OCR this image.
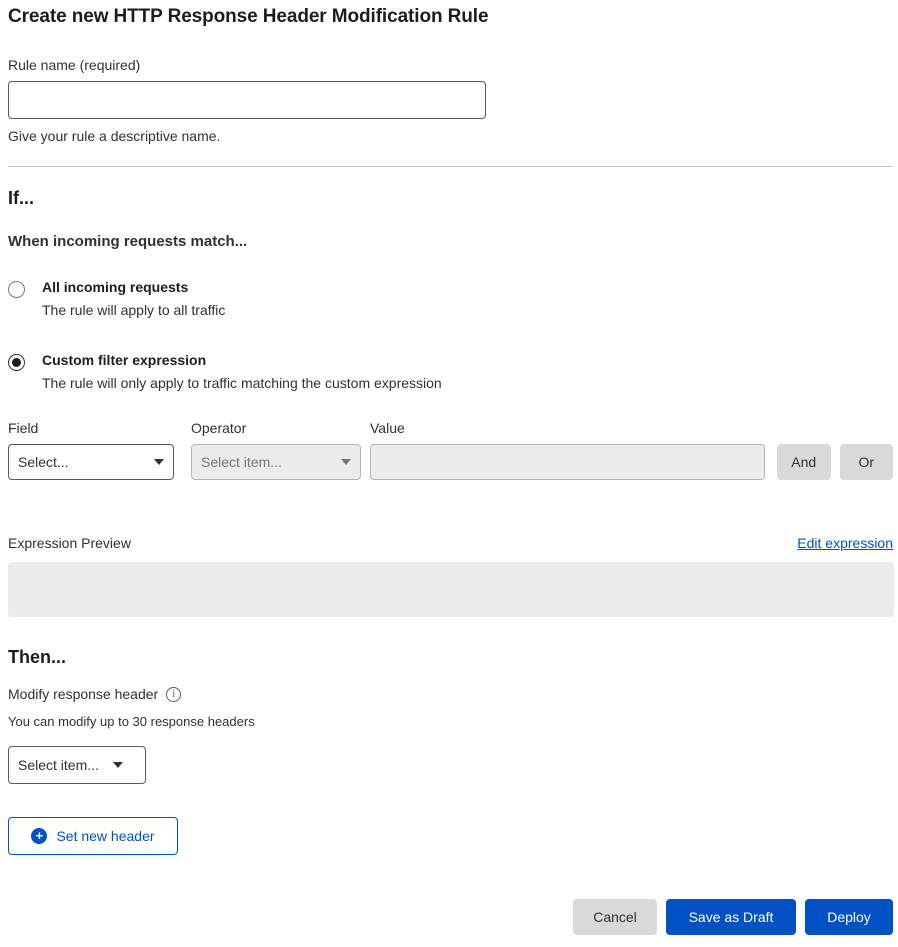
Create new HTTP Response Header Modification Rule
Rule name (required)
Give your rule a descriptive name.
If...
When incoming requests match...
All incoming requests
The rule will apply to all traffic
Custom filter expression
The rule will only apply to traffic matching the custom expression
Field
Select...
Operator
Select item...
Value
And	Or
Expression Preview	Edit expression
Then...
Modify response header	i
You can modify up to 30 response headers
Select item...
+ Set new header
Cancel	Save as Draft	Deploy
